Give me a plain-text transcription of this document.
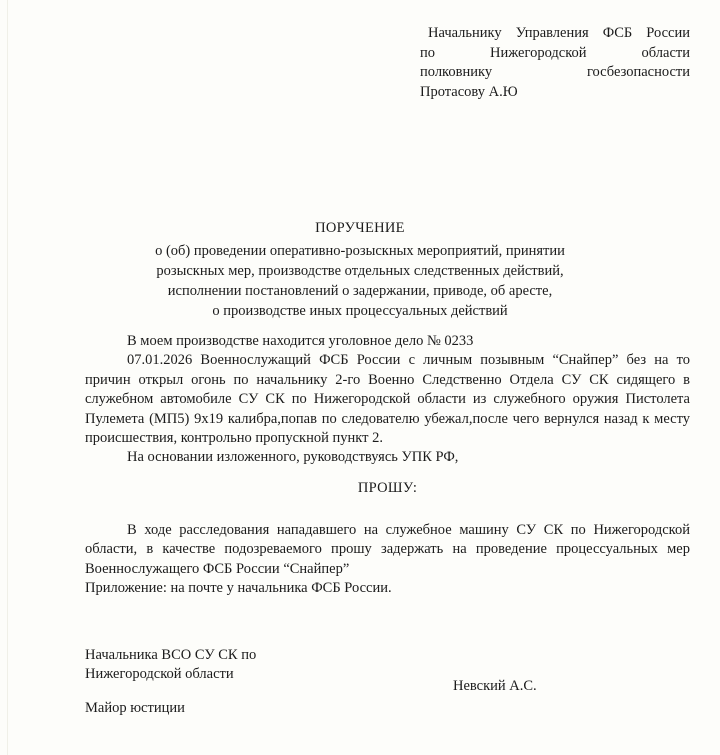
Начальнику Управления ФСБ России
по Нижегородской области
полковнику госбезопасности
Протасову А.Ю
ПОРУЧЕНИЕ
о (об) проведении оперативно-розыскных мероприятий, принятии
розыскных мер, производстве отдельных следственных действий,
исполнении постановлений о задержании, приводе, об аресте,
о производстве иных процессуальных действий

В моем производстве находится уголовное дело № 0233

07.01.2026 Военнослужащий ФСБ России с личным позывным “Снайпер” без на то причин открыл огонь по начальнику 2-го Военно Следственно Отдела СУ СК сидящего в служебном автомобиле СУ СК по Нижегородской области из служебного оружия Пистолета Пулемета (МП5) 9х19 калибра,попав по следователю убежал,после чего вернулся назад к месту происшествия, контрольно пропускной пункт 2.

На основании изложенного, руководствуясь УПК РФ,

ПРОШУ:

В ходе расследования нападавшего на служебное машину СУ СК по Нижегородской области, в качестве подозреваемого прошу задержать на проведение процессуальных мер Военнослужащего ФСБ России “Снайпер”

Приложение: на почте у начальника ФСБ России.

Начальника ВСО СУ СК по
Нижегородской области
Невский А.С.
Майор юстиции
